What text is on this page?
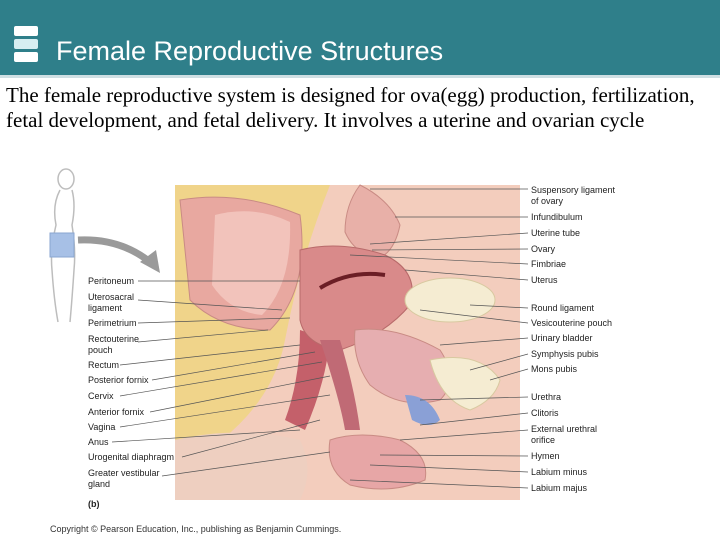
Female Reproductive Structures
The female reproductive system is designed for ova(egg) production, fertilization, fetal development, and fetal delivery. It involves a uterine and ovarian cycle
Peritoneum
Uterosacral
ligament
Perimetrium
Rectouterine
pouch
Rectum
Posterior fornix
Cervix
Anterior fornix
Vagina
Anus
Urogenital diaphragm
Greater vestibular
gland
Suspensory ligament
of ovary
Infundibulum
Uterine tube
Ovary
Fimbriae
Uterus
Round ligament
Vesicouterine pouch
Urinary bladder
Symphysis pubis
Mons pubis
Urethra
Clitoris
External urethral
orifice
Hymen
Labium minus
Labium majus
(b)
Copyright © Pearson Education, Inc., publishing as Benjamin Cummings.
